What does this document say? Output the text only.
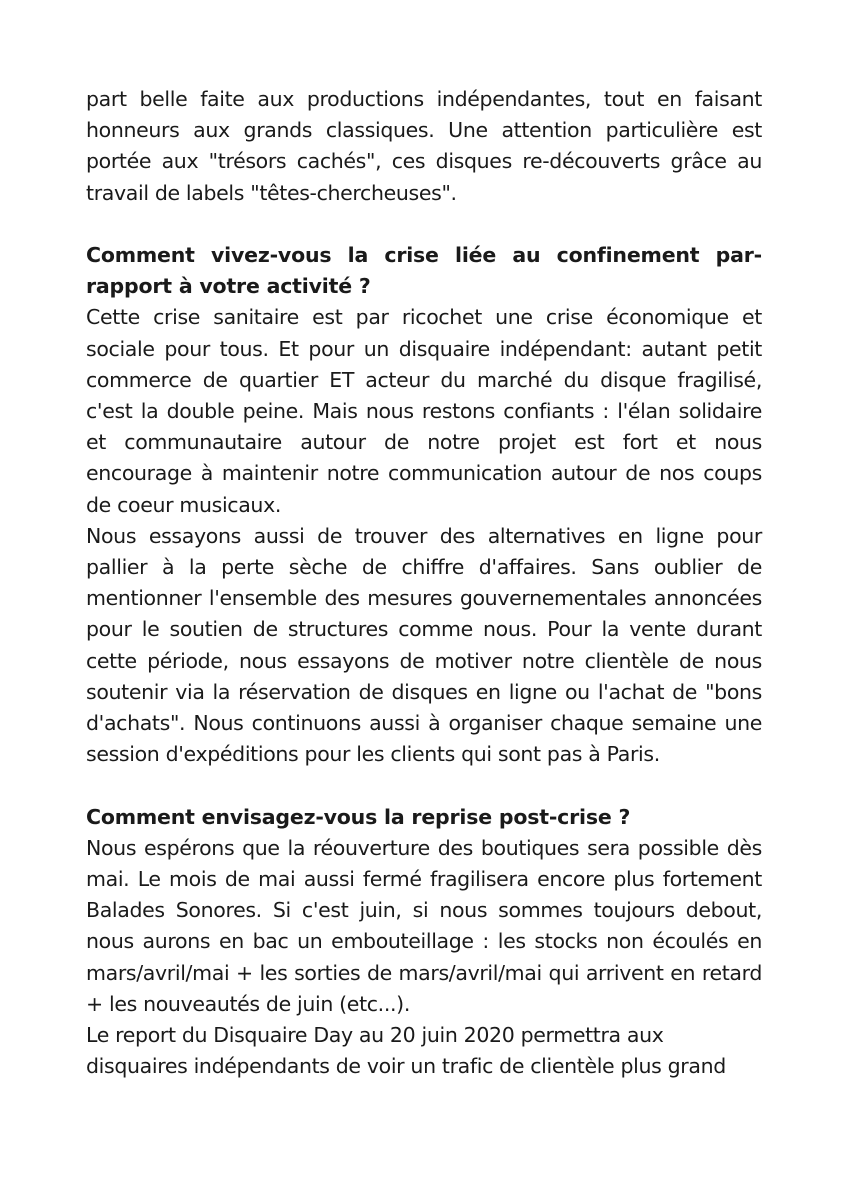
part belle faite aux productions indépendantes, tout en faisant honneurs aux grands classiques. Une attention particulière est portée aux "trésors cachés", ces disques re-découverts grâce au travail de labels "têtes-chercheuses".

Comment vivez-vous la crise liée au confinement par-rapport à votre activité ?

Cette crise sanitaire est par ricochet une crise économique et sociale pour tous. Et pour un disquaire indépendant: autant petit commerce de quartier ET acteur du marché du disque fragilisé, c'est la double peine. Mais nous restons confiants : l'élan solidaire et communautaire autour de notre projet est fort et nous encourage à maintenir notre communication autour de nos coups de coeur musicaux.

Nous essayons aussi de trouver des alternatives en ligne pour pallier à la perte sèche de chiffre d'affaires. Sans oublier de mentionner l'ensemble des mesures gouvernementales annoncées pour le soutien de structures comme nous. Pour la vente durant cette période, nous essayons de motiver notre clientèle de nous soutenir via la réservation de disques en ligne ou l'achat de "bons d'achats". Nous continuons aussi à organiser chaque semaine une session d'expéditions pour les clients qui sont pas à Paris.

Comment envisagez-vous la reprise post-crise ?

Nous espérons que la réouverture des boutiques sera possible dès mai. Le mois de mai aussi fermé fragilisera encore plus fortement Balades Sonores. Si c'est juin, si nous sommes toujours debout, nous aurons en bac un embouteillage : les stocks non écoulés en mars/avril/mai + les sorties de mars/avril/mai qui arrivent en retard + les nouveautés de juin (etc...).

Le report du Disquaire Day au 20 juin 2020 permettra aux disquaires indépendants de voir un trafic de clientèle plus grand
